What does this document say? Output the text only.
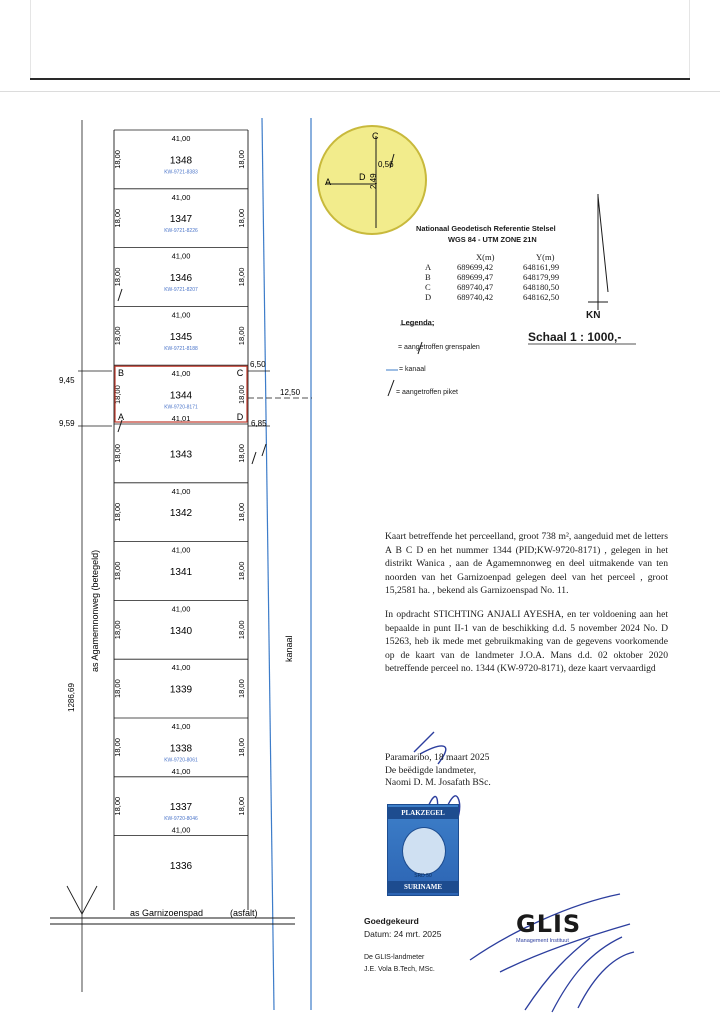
C
A	D
0,56
2,49
41,00
1348
KW-9721-8383
18,00	18,00
41,00
1347
KW-9721-8226
18,00	18,00
41,00
1346
KW-9721-8207
18,00	18,00
41,00
1345
KW-9721-8188
18,00	18,00
41,00
1344
KW-9720-8171
41,01
18,00	18,00
B	C
A	D
1343
18,00	18,00
41,00
1342
18,00	18,00
41,00
1341
18,00	18,00
41,00
1340
18,00	18,00
41,00
1339
18,00	18,00
41,00
1338
KW-9720-8061
41,00
18,00	18,00
1337
KW-9720-8046
41,00
18,00	18,00
1336
9,45
9,59
6,50
6,85
12,50
1286,69
as Agamemnonweg (betegeld)	kanaal
as Garnizoenspad	(asfalt)
Nationaal Geodetisch Referentie Stelsel
WGS 84 - UTM ZONE 21N
X(m)	Y(m)
A	689699,42	648161,99
B	689699,47	648179,99
C	689740,47	648180,50
D	689740,42	648162,50
KN
Schaal 1 : 1000,-
Legenda;
= aangetroffen grenspalen
= kanaal
= aangetroffen piket

Kaart betreffende het perceelland, groot 738 m², aangeduid met de letters A B C D en het nummer 1344 (PID;KW-9720-8171) , gelegen in het distrikt Wanica , aan de Agamemnonweg en deel uitmakende van ten noorden van het Garnizoenpad gelegen deel van het perceel , groot 15,2581 ha. , bekend als Garnizoenspad No. 11.

In opdracht STICHTING ANJALI AYESHA, en ter voldoening aan het bepaalde in punt II-1 van de beschikking d.d. 5 november 2024 No. D 15263, heb ik mede met gebruikmaking van de gegevens voorkomende op de kaart van de landmeter J.O.A. Mans d.d. 02 oktober 2020 betreffende perceel no. 1344 (KW-9720-8171), deze kaart vervaardigd

Paramaribo, 18 maart 2025
De beëdigde landmeter,
Naomi D. M. Josafath BSc.
PLAKZEGEL
SRD 50
SURINAME
Goedgekeurd
Datum: 24 mrt. 2025
De GLIS-landmeter
J.E. Vola B.Tech, MSc.
GLIS
Management Instituut
